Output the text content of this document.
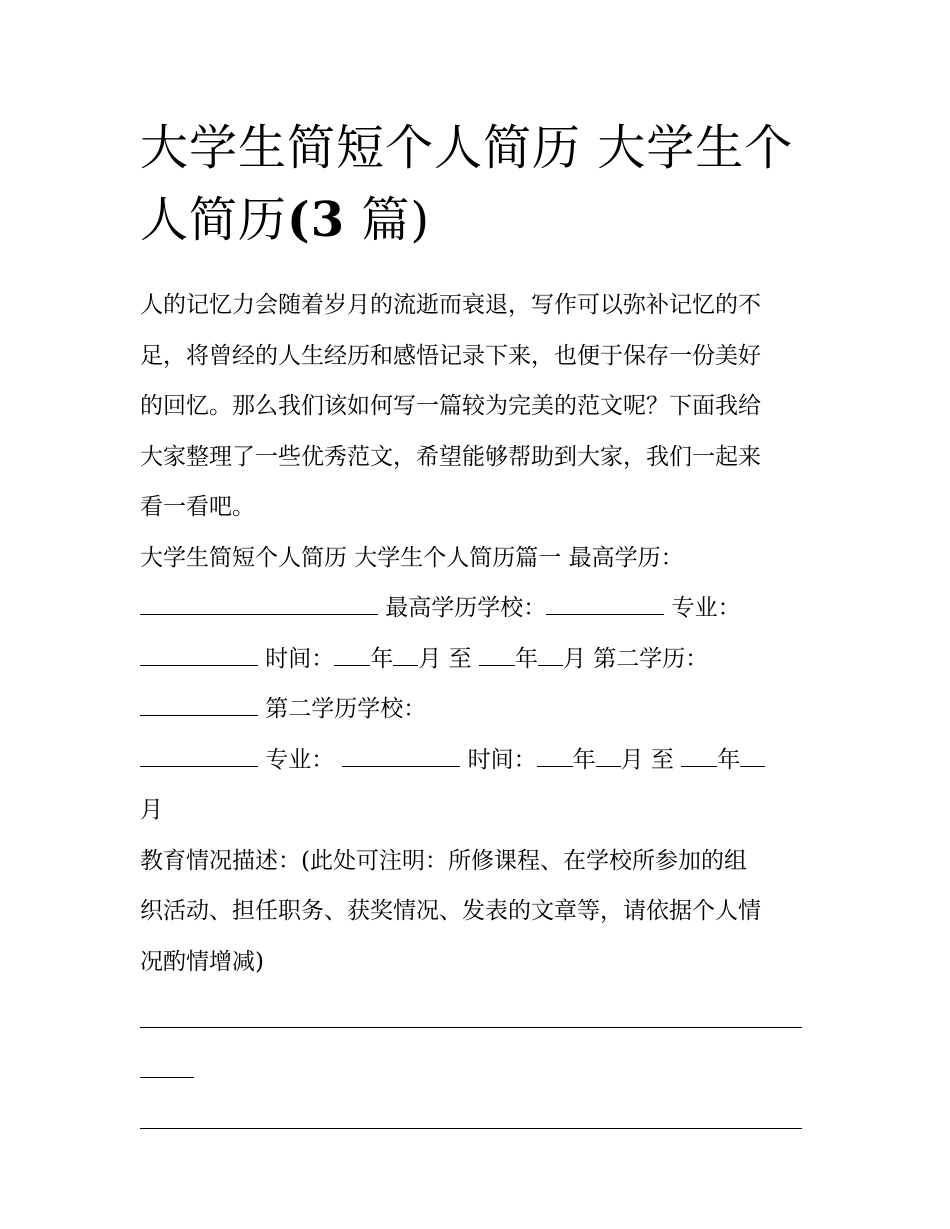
大学生简短个人简历 大学生个
人简历(3 篇)
人的记忆力会随着岁月的流逝而衰退，写作可以弥补记忆的不
足，将曾经的人生经历和感悟记录下来，也便于保存一份美好
的回忆。那么我们该如何写一篇较为完美的范文呢？下面我给
大家整理了一些优秀范文，希望能够帮助到大家，我们一起来
看一看吧。
大学生简短个人简历 大学生个人简历篇一 最高学历：
最高学历学校：	专业：
时间： 年 月 至 年 月 第二学历：
第二学历学校：
专业：	时间： 年 月 至 年
月
教育情况描述：(此处可注明：所修课程、在学校所参加的组
织活动、担任职务、获奖情况、发表的文章等，请依据个人情
况酌情增减)
